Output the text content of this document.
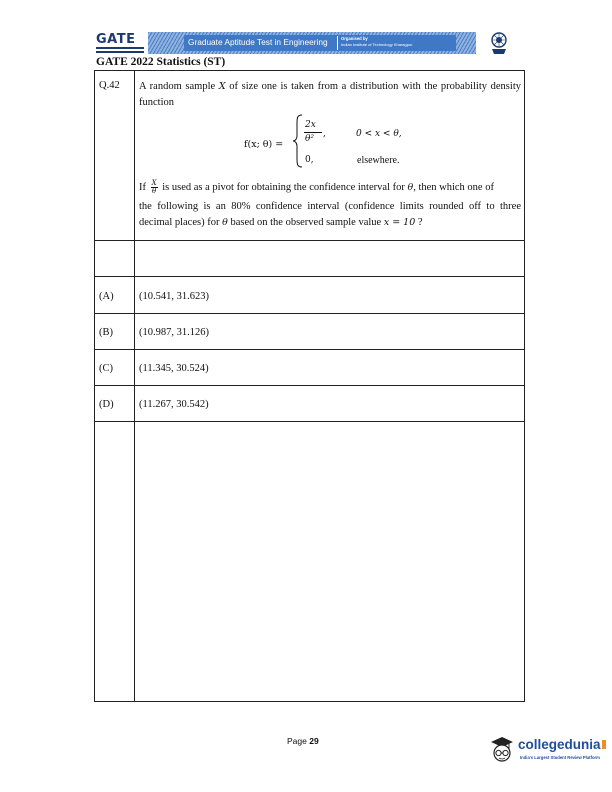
GATE	Graduate Aptitude Test in Engineering	Organised by
Indian Institute of Technology Kharagpur
GATE 2022 Statistics (ST)
Q.42 A random sample X of size one is taken from a distribution with the probability density function

f(x; θ) =
2x
θ² ,	0 < x < θ,
0,	elsewhere.
If $\frac{X}{\theta}$ is used as a pivot for obtaining the confidence interval for θ, then which one of

the following is an 80% confidence interval (confidence limits rounded off to three decimal places) for θ based on the observed sample value x = 10 ?

(A) (10.541, 31.623)
(B) (10.987, 31.126)
(C) (11.345, 30.524)
(D) (11.267, 30.542)
Page 29	collegedunia
India's Largest Student Review Platform
